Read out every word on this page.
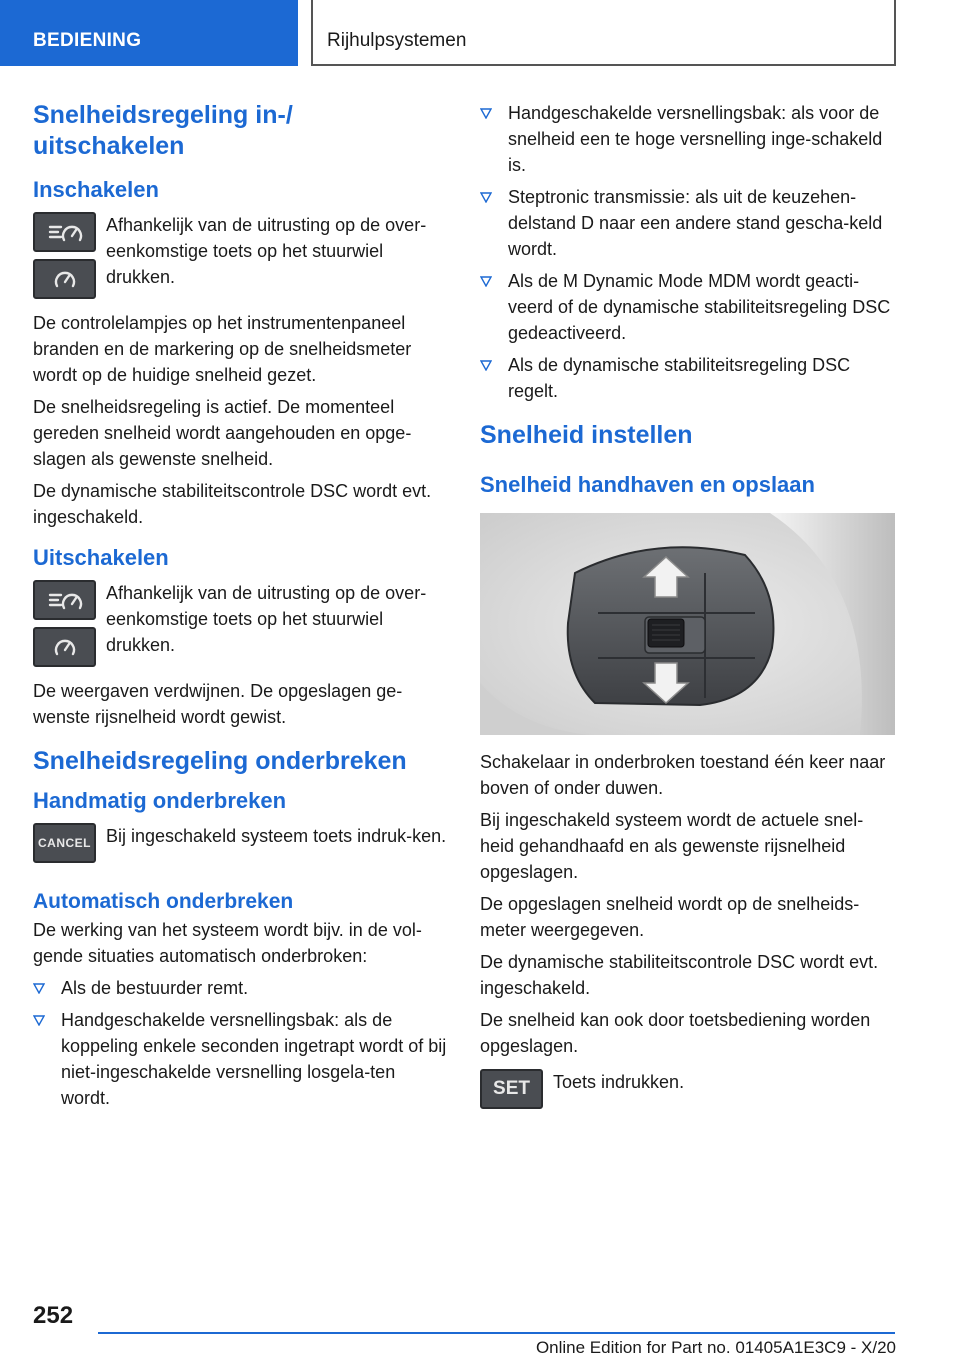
BEDIENING	Rijhulpsystemen
Snelheidsregeling in-/ uitschakelen
Inschakelen
Afhankelijk van de uitrusting op de over-eenkomstige toets op het stuurwiel drukken.

De controlelampjes op het instrumentenpaneel branden en de markering op de snelheidsmeter wordt op de huidige snelheid gezet.

De snelheidsregeling is actief. De momenteel gereden snelheid wordt aangehouden en opge-slagen als gewenste snelheid.

De dynamische stabiliteitscontrole DSC wordt evt. ingeschakeld.

Uitschakelen
Afhankelijk van de uitrusting op de over-eenkomstige toets op het stuurwiel drukken.

De weergaven verdwijnen. De opgeslagen ge-wenste rijsnelheid wordt gewist.

Snelheidsregeling onderbreken
Handmatig onderbreken
CANCEL Bij ingeschakeld systeem toets indruk-ken.
Automatisch onderbreken

De werking van het systeem wordt bijv. in de vol-gende situaties automatisch onderbroken:

Als de bestuurder remt.
Handgeschakelde versnellingsbak: als de koppeling enkele seconden ingetrapt wordt of bij niet-ingeschakelde versnelling losgela-ten wordt.
Handgeschakelde versnellingsbak: als voor de snelheid een te hoge versnelling inge-schakeld is.
Steptronic transmissie: als uit de keuzehen-delstand D naar een andere stand gescha-keld wordt.
Als de M Dynamic Mode MDM wordt geacti-veerd of de dynamische stabiliteitsregeling DSC gedeactiveerd.
Als de dynamische stabiliteitsregeling DSC regelt.
Snelheid instellen
Snelheid handhaven en opslaan

Schakelaar in onderbroken toestand één keer naar boven of onder duwen.

Bij ingeschakeld systeem wordt de actuele snel-heid gehandhaafd en als gewenste rijsnelheid opgeslagen.

De opgeslagen snelheid wordt op de snelheids-meter weergegeven.

De dynamische stabiliteitscontrole DSC wordt evt. ingeschakeld.

De snelheid kan ook door toetsbediening worden opgeslagen.

SET	Toets indrukken.
252
Online Edition for Part no. 01405A1E3C9 - X/20
